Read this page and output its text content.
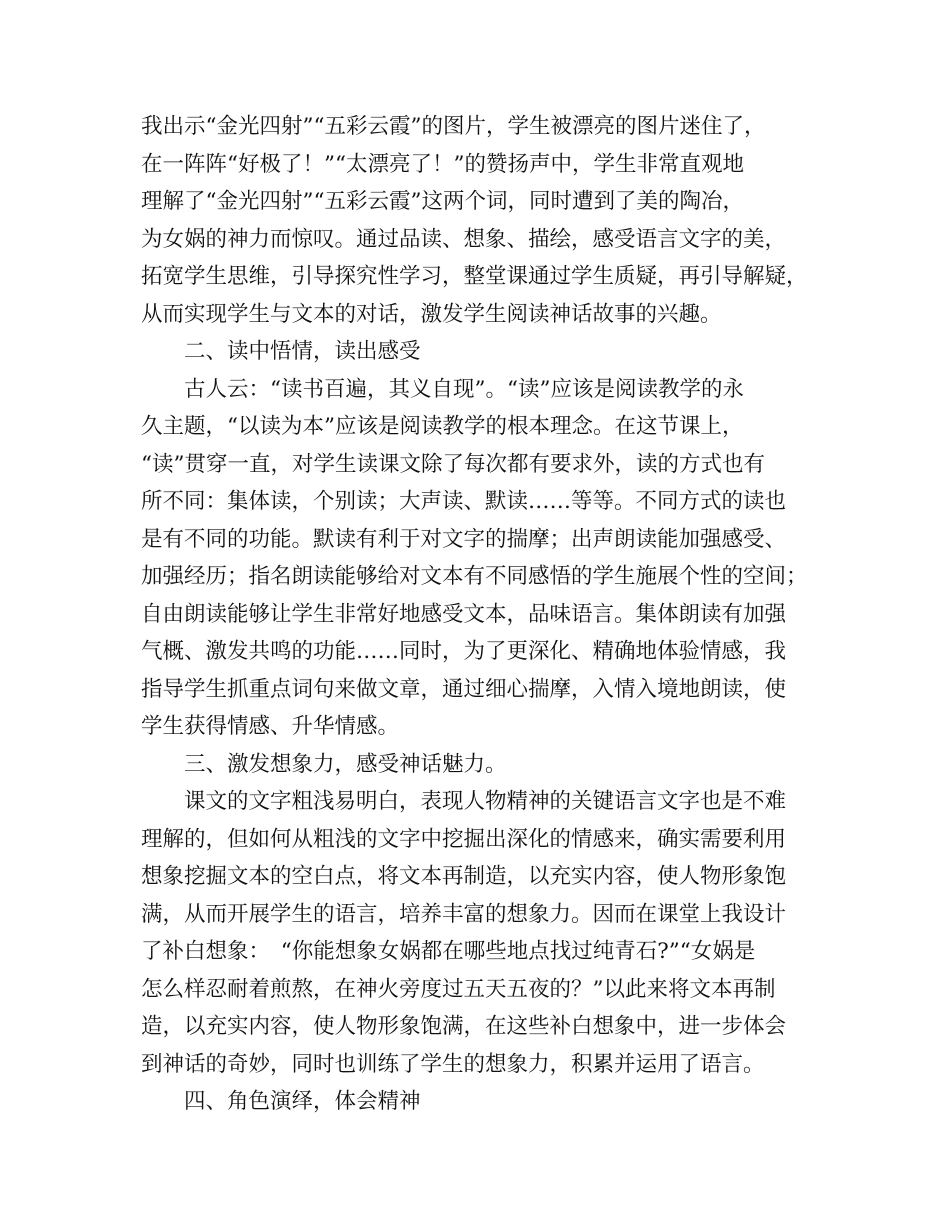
我出示“金光四射”“五彩云霞”的图片，学生被漂亮的图片迷住了，
在一阵阵“好极了！”“太漂亮了！”的赞扬声中，学生非常直观地
理解了“金光四射”“五彩云霞”这两个词，同时遭到了美的陶冶，
为女娲的神力而惊叹。通过品读、想象、描绘，感受语言文字的美，
拓宽学生思维，引导探究性学习，整堂课通过学生质疑，再引导解疑，
从而实现学生与文本的对话，激发学生阅读神话故事的兴趣。
二、读中悟情，读出感受
古人云：“读书百遍，其义自现”。“读”应该是阅读教学的永
久主题，“以读为本”应该是阅读教学的根本理念。在这节课上，
“读”贯穿一直，对学生读课文除了每次都有要求外，读的方式也有
所不同：集体读，个别读；大声读、默读……等等。不同方式的读也
是有不同的功能。默读有利于对文字的揣摩；出声朗读能加强感受、
加强经历；指名朗读能够给对文本有不同感悟的学生施展个性的空间；
自由朗读能够让学生非常好地感受文本，品味语言。集体朗读有加强
气概、激发共鸣的功能……同时，为了更深化、精确地体验情感，我
指导学生抓重点词句来做文章，通过细心揣摩，入情入境地朗读，使
学生获得情感、升华情感。
三、激发想象力，感受神话魅力。
课文的文字粗浅易明白，表现人物精神的关键语言文字也是不难
理解的，但如何从粗浅的文字中挖掘出深化的情感来，确实需要利用
想象挖掘文本的空白点，将文本再制造，以充实内容，使人物形象饱
满，从而开展学生的语言，培养丰富的想象力。因而在课堂上我设计
了补白想象：　“你能想象女娲都在哪些地点找过纯青石?”“女娲是
怎么样忍耐着煎熬，在神火旁度过五天五夜的？”以此来将文本再制
造，以充实内容，使人物形象饱满，在这些补白想象中，进一步体会
到神话的奇妙，同时也训练了学生的想象力，积累并运用了语言。
四、角色演绎，体会精神
